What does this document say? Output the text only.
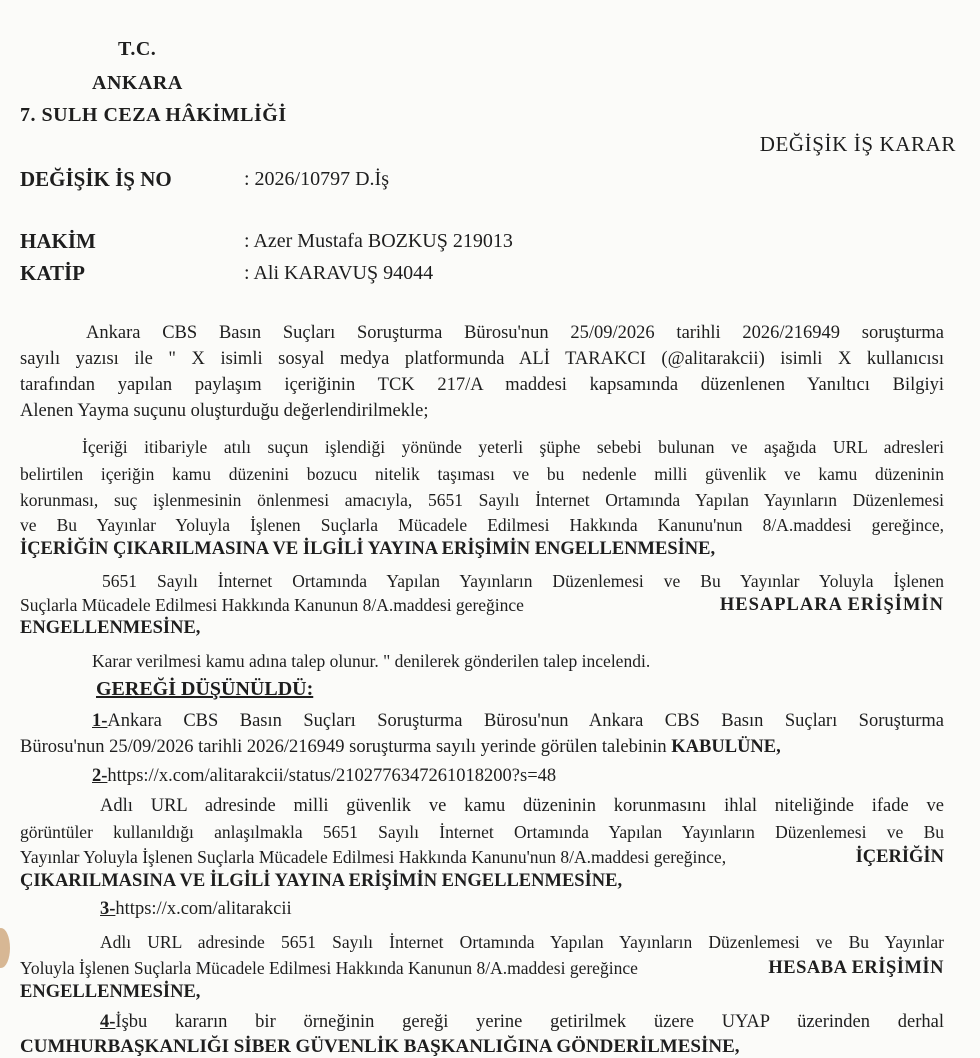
T.C.
ANKARA
7. SULH CEZA HÂKİMLİĞİ
DEĞİŞİK İŞ KARAR
DEĞİŞİK İŞ NO	: 2026/10797 D.İş
HAKİM	: Azer Mustafa BOZKUŞ 219013
KATİP	: Ali KARAVUŞ 94044
Ankara CBS Basın Suçları Soruşturma Bürosu'nun 25/09/2026 tarihli 2026/216949 soruşturma
sayılı yazısı ile " X isimli sosyal medya platformunda ALİ TARAKCI (@alitarakcii) isimli X kullanıcısı
tarafından yapılan paylaşım içeriğinin TCK 217/A maddesi kapsamında düzenlenen Yanıltıcı Bilgiyi
Alenen Yayma suçunu oluşturduğu değerlendirilmekle;
İçeriği itibariyle atılı suçun işlendiği yönünde yeterli şüphe sebebi bulunan ve aşağıda URL adresleri
belirtilen içeriğin kamu düzenini bozucu nitelik taşıması ve bu nedenle milli güvenlik ve kamu düzeninin
korunması, suç işlenmesinin önlenmesi amacıyla, 5651 Sayılı İnternet Ortamında Yapılan Yayınların Düzenlemesi
ve Bu Yayınlar Yoluyla İşlenen Suçlarla Mücadele Edilmesi Hakkında Kanunu'nun 8/A.maddesi gereğince,
İÇERİĞİN ÇIKARILMASINA VE İLGİLİ YAYINA ERİŞİMİN ENGELLENMESİNE,
5651 Sayılı İnternet Ortamında Yapılan Yayınların Düzenlemesi ve Bu Yayınlar Yoluyla İşlenen
Suçlarla Mücadele Edilmesi Hakkında Kanunun 8/A.maddesi gereğince	HESAPLARA ERİŞİMİN
ENGELLENMESİNE,
Karar verilmesi kamu adına talep olunur. " denilerek gönderilen talep incelendi.
GEREĞİ DÜŞÜNÜLDÜ:
1-Ankara CBS Basın Suçları Soruşturma Bürosu'nun Ankara CBS Basın Suçları Soruşturma
Bürosu'nun 25/09/2026 tarihli 2026/216949 soruşturma sayılı yerinde görülen talebinin KABULÜNE,
2-https://x.com/alitarakcii/status/2102776347261018200?s=48
Adlı URL adresinde milli güvenlik ve kamu düzeninin korunmasını ihlal niteliğinde ifade ve
görüntüler kullanıldığı anlaşılmakla 5651 Sayılı İnternet Ortamında Yapılan Yayınların Düzenlemesi ve Bu
Yayınlar Yoluyla İşlenen Suçlarla Mücadele Edilmesi Hakkında Kanunu'nun 8/A.maddesi gereğince,	İÇERİĞİN
ÇIKARILMASINA VE İLGİLİ YAYINA ERİŞİMİN ENGELLENMESİNE,
3-https://x.com/alitarakcii
Adlı URL adresinde 5651 Sayılı İnternet Ortamında Yapılan Yayınların Düzenlemesi ve Bu Yayınlar
Yoluyla İşlenen Suçlarla Mücadele Edilmesi Hakkında Kanunun 8/A.maddesi gereğince	HESABA ERİŞİMİN
ENGELLENMESİNE,
4-İşbu kararın bir örneğinin gereği yerine getirilmek üzere UYAP üzerinden derhal
CUMHURBAŞKANLIĞI SİBER GÜVENLİK BAŞKANLIĞINA GÖNDERİLMESİNE,
